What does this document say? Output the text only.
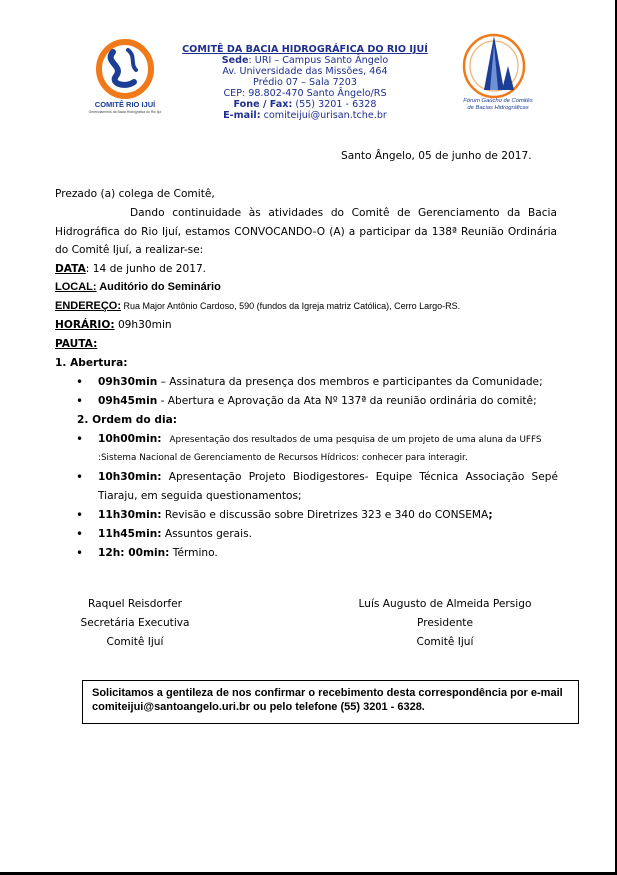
COMITÊ RIO IJUÍ
Gerenciamento da Bacia Hidrográfica do Rio Ijuí
COMITÊ DA BACIA HIDROGRÁFICA DO RIO IJUÍ
Sede: URI – Campus Santo Ângelo
Av. Universidade das Missões, 464
Prédio 07 – Sala 7203
CEP: 98.802-470 Santo Ângelo/RS
Fone / Fax: (55) 3201 - 6328
E-mail: comiteijui@urisan.tche.br
Fórum Gaúcho de Comitês
de Bacias Hidrográficas
Santo Ângelo, 05 de junho de 2017.
Prezado (a) colega de Comitê,
Dando continuidade às atividades do Comitê de Gerenciamento da Bacia
Hidrográfica do Rio Ijuí, estamos CONVOCANDO-O (A) a participar da 138ª Reunião Ordinária
do Comitê Ijuí, a realizar-se:
DATA: 14 de junho de 2017.
LOCAL: Auditório do Seminário
ENDEREÇO: Rua Major Antônio Cardoso, 590 (fundos da Igreja matriz Católica), Cerro Largo-RS.
HORÁRIO: 09h30min
PAUTA:
1. Abertura:
• 09h30min – Assinatura da presença dos membros e participantes da Comunidade;
• 09h45min - Abertura e Aprovação da Ata Nº 137ª da reunião ordinária do comitê;
2. Ordem do dia:
• 10h00min: Apresentação dos resultados de uma pesquisa de um projeto de uma aluna da UFFS
:Sistema Nacional de Gerenciamento de Recursos Hídricos: conhecer para interagir.
• 10h30min: Apresentação Projeto Biodigestores- Equipe Técnica Associação Sepé
Tiaraju, em seguida questionamentos;
• 11h30min: Revisão e discussão sobre Diretrizes 323 e 340 do CONSEMA;
• 11h45min: Assuntos gerais.
• 12h: 00min: Término.
Raquel Reisdorfer
Secretária Executiva
Comitê Ijuí
Luís Augusto de Almeida Persigo
Presidente
Comitê Ijuí
Solicitamos a gentileza de nos confirmar o recebimento desta correspondência por e-mail comiteijui@santoangelo.uri.br ou pelo telefone (55) 3201 - 6328.
